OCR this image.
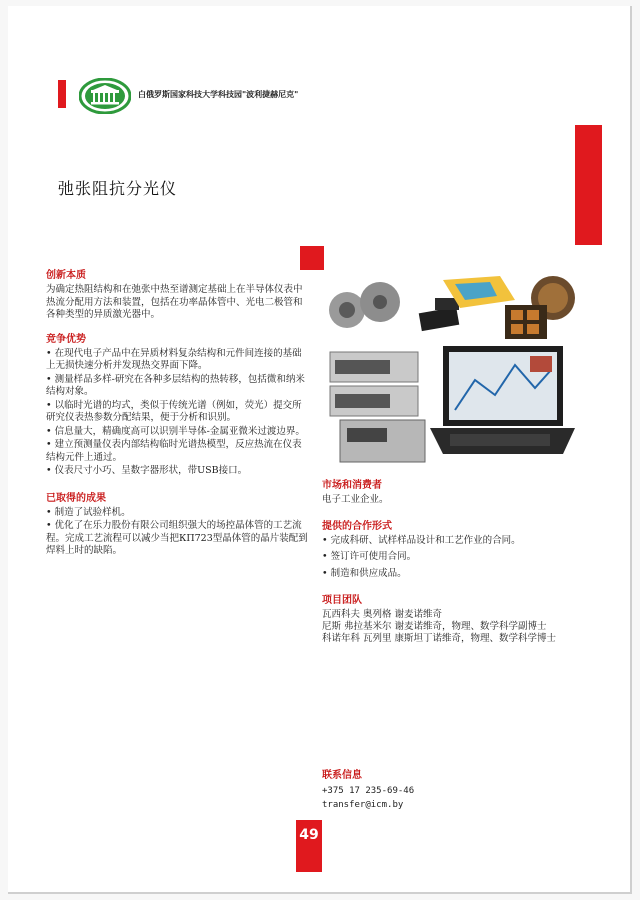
白俄罗斯国家科技大学科技园"波利捷赫尼克"
弛张阻抗分光仪
创新本质

为确定热阻结构和在弛张中热至谱测定基础上在半导体仪表中热流分配用方法和装置，包括在功率晶体管中、光电二极管和各种类型的异质激光器中。

竞争优势
• 在现代电子产品中在异质材料复杂结构和元件间连接的基础上无损快速分析并发现热交界面下降。
• 测量样品多样-研究在各种多层结构的热转移，包括微和纳米结构对象。
• 以临时光谱的均式，类似于传统光谱（例如，荧光）提交所研究仪表热参数分配结果，便于分析和识别。
• 信息量大，精确度高可以识别半导体-金属亚微米过渡边界。
• 建立预测量仪表内部结构临时光谱热模型，反应热流在仪表结构元件上通过。
• 仪表尺寸小巧、呈数字器形状，带USB接口。
已取得的成果
• 制造了试验样机。
• 优化了在乐力股份有限公司组织强大的场控晶体管的工艺流程。完成工艺流程可以减少当把КП723型晶体管的晶片装配到焊料上时的缺陷。
市场和消费者

电子工业企业。

提供的合作形式
• 完成科研、试样样品设计和工艺作业的合同。
• 签订许可使用合同。
• 制造和供应成品。
项目团队

瓦西科夫 奥列格 谢麦诺维奇

尼斯 弗拉基米尔 谢麦诺维奇，物理、数学科学副博士

科诺年科 瓦列里 康斯坦丁诺维奇，物理、数学科学博士

联系信息

+375 17 235-69-46

transfer@icm.by

49
